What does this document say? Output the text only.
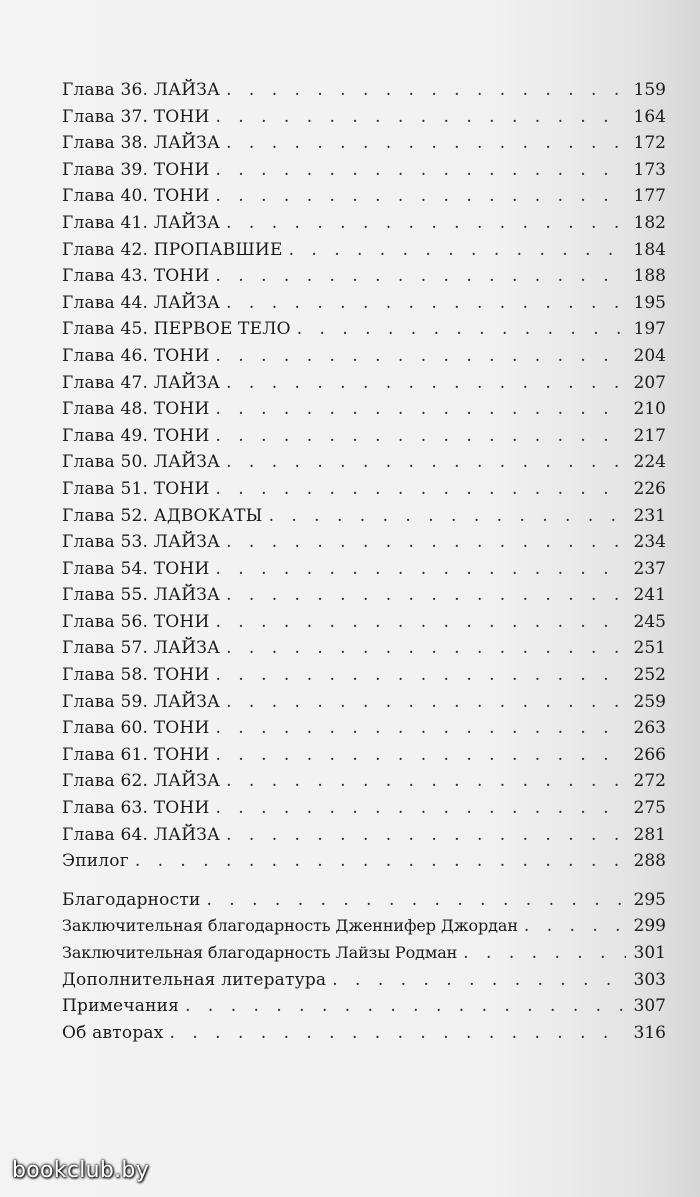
Глава 36. ЛАЙЗА . . .	159
Глава 37. ТОНИ . . .	164
Глава 38. ЛАЙЗА . . .	172
Глава 39. ТОНИ . . .	173
Глава 40. ТОНИ . . .	177
Глава 41. ЛАЙЗА . . .	182
Глава 42. ПРОПАВШИЕ . . .	184
Глава 43. ТОНИ . . .	188
Глава 44. ЛАЙЗА . . .	195
Глава 45. ПЕРВОЕ ТЕЛО . . .	197
Глава 46. ТОНИ . . .	204
Глава 47. ЛАЙЗА . . .	207
Глава 48. ТОНИ . . .	210
Глава 49. ТОНИ . . .	217
Глава 50. ЛАЙЗА . . .	224
Глава 51. ТОНИ . . .	226
Глава 52. АДВОКАТЫ . . .	231
Глава 53. ЛАЙЗА . . .	234
Глава 54. ТОНИ . . .	237
Глава 55. ЛАЙЗА . . .	241
Глава 56. ТОНИ . . .	245
Глава 57. ЛАЙЗА . . .	251
Глава 58. ТОНИ . . .	252
Глава 59. ЛАЙЗА . . .	259
Глава 60. ТОНИ . . .	263
Глава 61. ТОНИ . . .	266
Глава 62. ЛАЙЗА . . .	272
Глава 63. ТОНИ . . .	275
Глава 64. ЛАЙЗА . . .	281
Эпилог . . .	288
Благодарности . . .	295
Заключительная благодарность Дженнифер Джордан . . .	299
Заключительная благодарность Лайзы Родман . . .	301
Дополнительная литература . . .	303
Примечания . . .	307
Об авторах . . .	316
bookclub.by
